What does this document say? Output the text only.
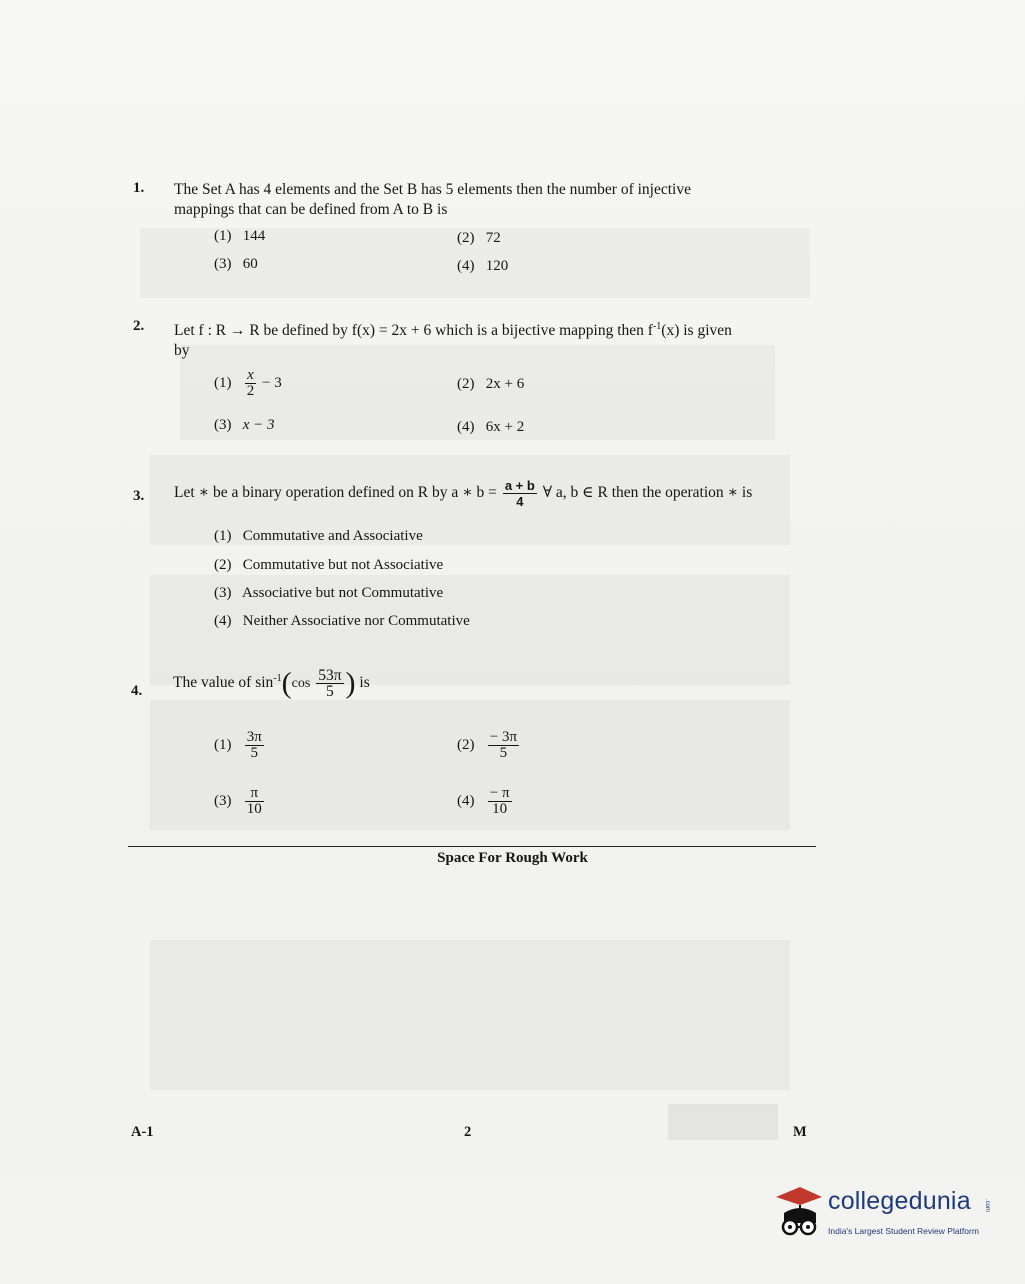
1. The Set A has 4 elements and the Set B has 5 elements then the number of injective
mappings that can be defined from A to B is
(1) 144	(2) 72
(3) 60	(4) 120
2. Let f : R → R be defined by f(x) = 2x + 6 which is a bijective mapping then $f^{-1}(x)$ is given
by
$(1) \frac{x}{2} - 3$	(2) 2x + 6
(3) x − 3	(4) 6x + 2
3. Let ∗ be a binary operation defined on R by a ∗ $b = \frac{a + b}{4}$ ∀ a, b ∈ R then the operation ∗ is
(1) Commutative and Associative
(2) Commutative but not Associative
(3) Associative but not Commutative
(4) Neither Associative nor Commutative
4. The value of $\sin^{-1}(\cos \frac{53\pi}{5}$ ) is
$(1) \frac{3\pi}{5}$	$(2) \frac{- 3\pi}{5}$
$(3) \frac{\pi}{10}$	$(4) \frac{- \pi}{10}$
Space For Rough Work
A-1	2	M
collegedunia .com
India's Largest Student Review Platform
